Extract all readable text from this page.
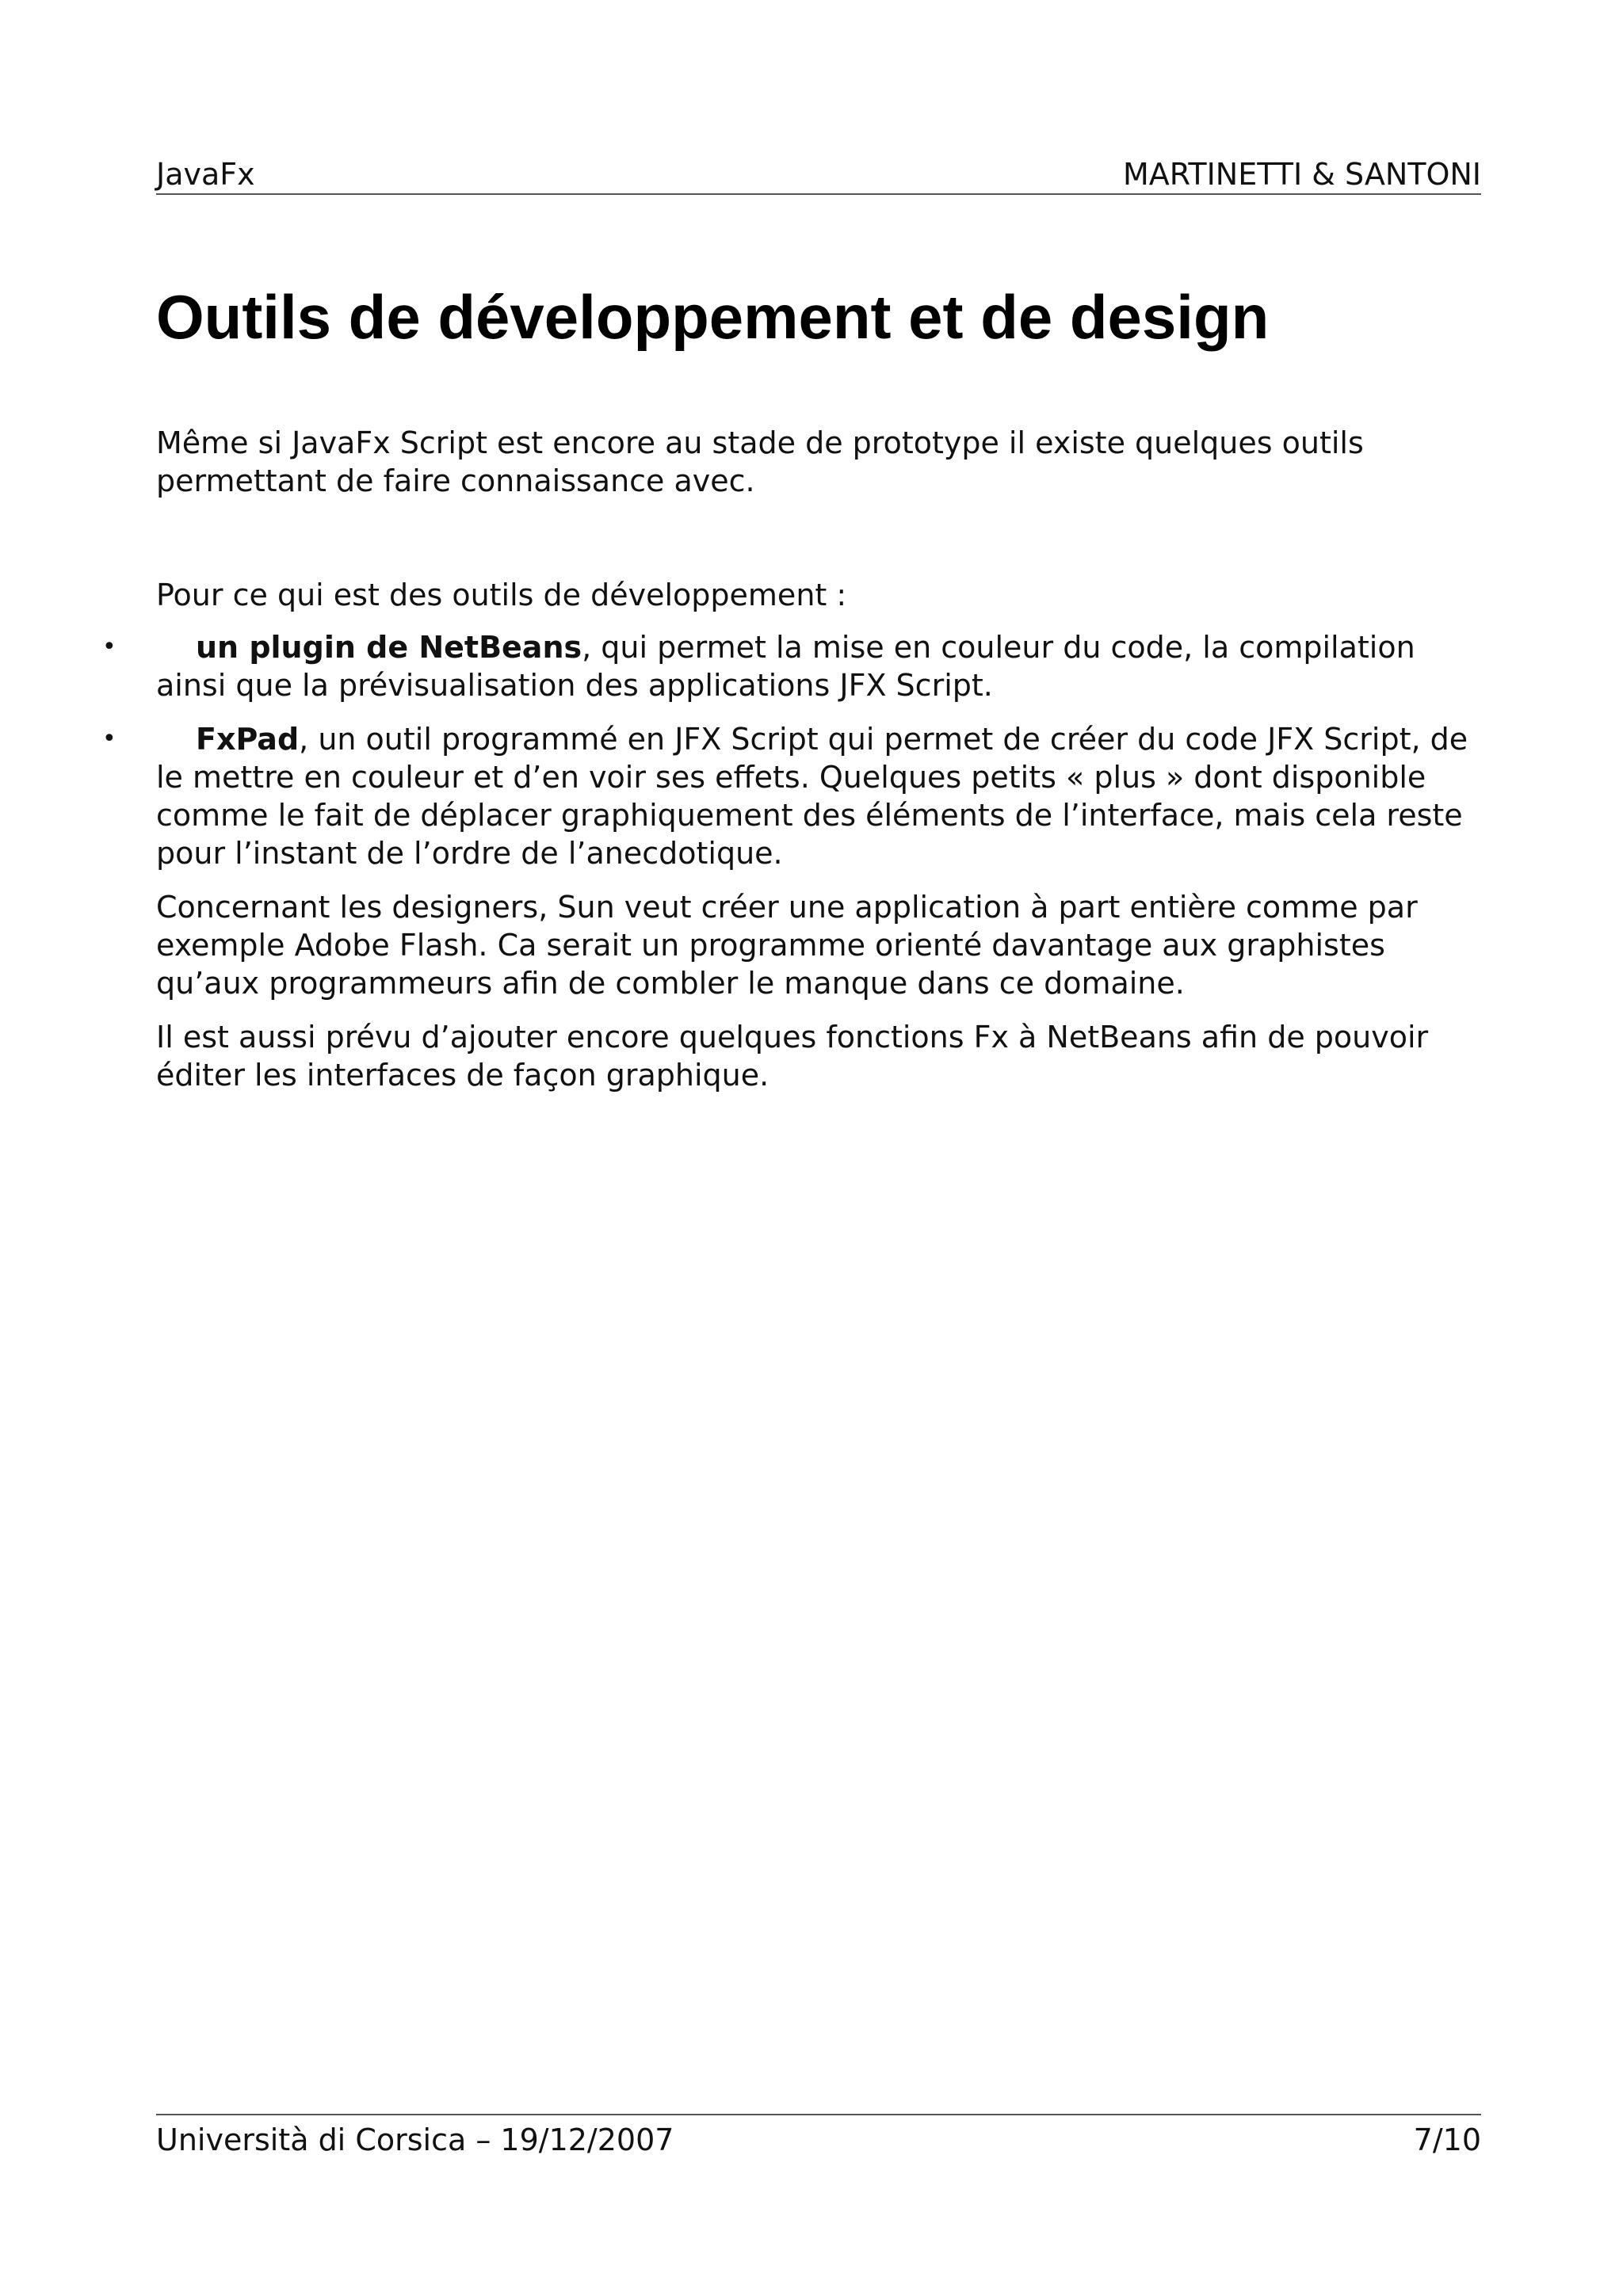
JavaFx	MARTINETTI & SANTONI
Outils de développement et de design

Même si JavaFx Script est encore au stade de prototype il existe quelques outils permettant de faire connaissance avec.

Pour ce qui est des outils de développement :

•	un plugin de NetBeans, qui permet la mise en couleur du code, la compilation ainsi que la prévisualisation des applications JFX Script.
•	FxPad, un outil programmé en JFX Script qui permet de créer du code JFX Script, de le mettre en couleur et d’en voir ses effets. Quelques petits « plus » dont disponible comme le fait de déplacer graphiquement des éléments de l’interface, mais cela reste pour l’instant de l’ordre de l’anecdotique.

Concernant les designers, Sun veut créer une application à part entière comme par exemple Adobe Flash. Ca serait un programme orienté davantage aux graphistes qu’aux programmeurs afin de combler le manque dans ce domaine.

Il est aussi prévu d’ajouter encore quelques fonctions Fx à NetBeans afin de pouvoir éditer les interfaces de façon graphique.

Università di Corsica – 19/12/2007	7/10
